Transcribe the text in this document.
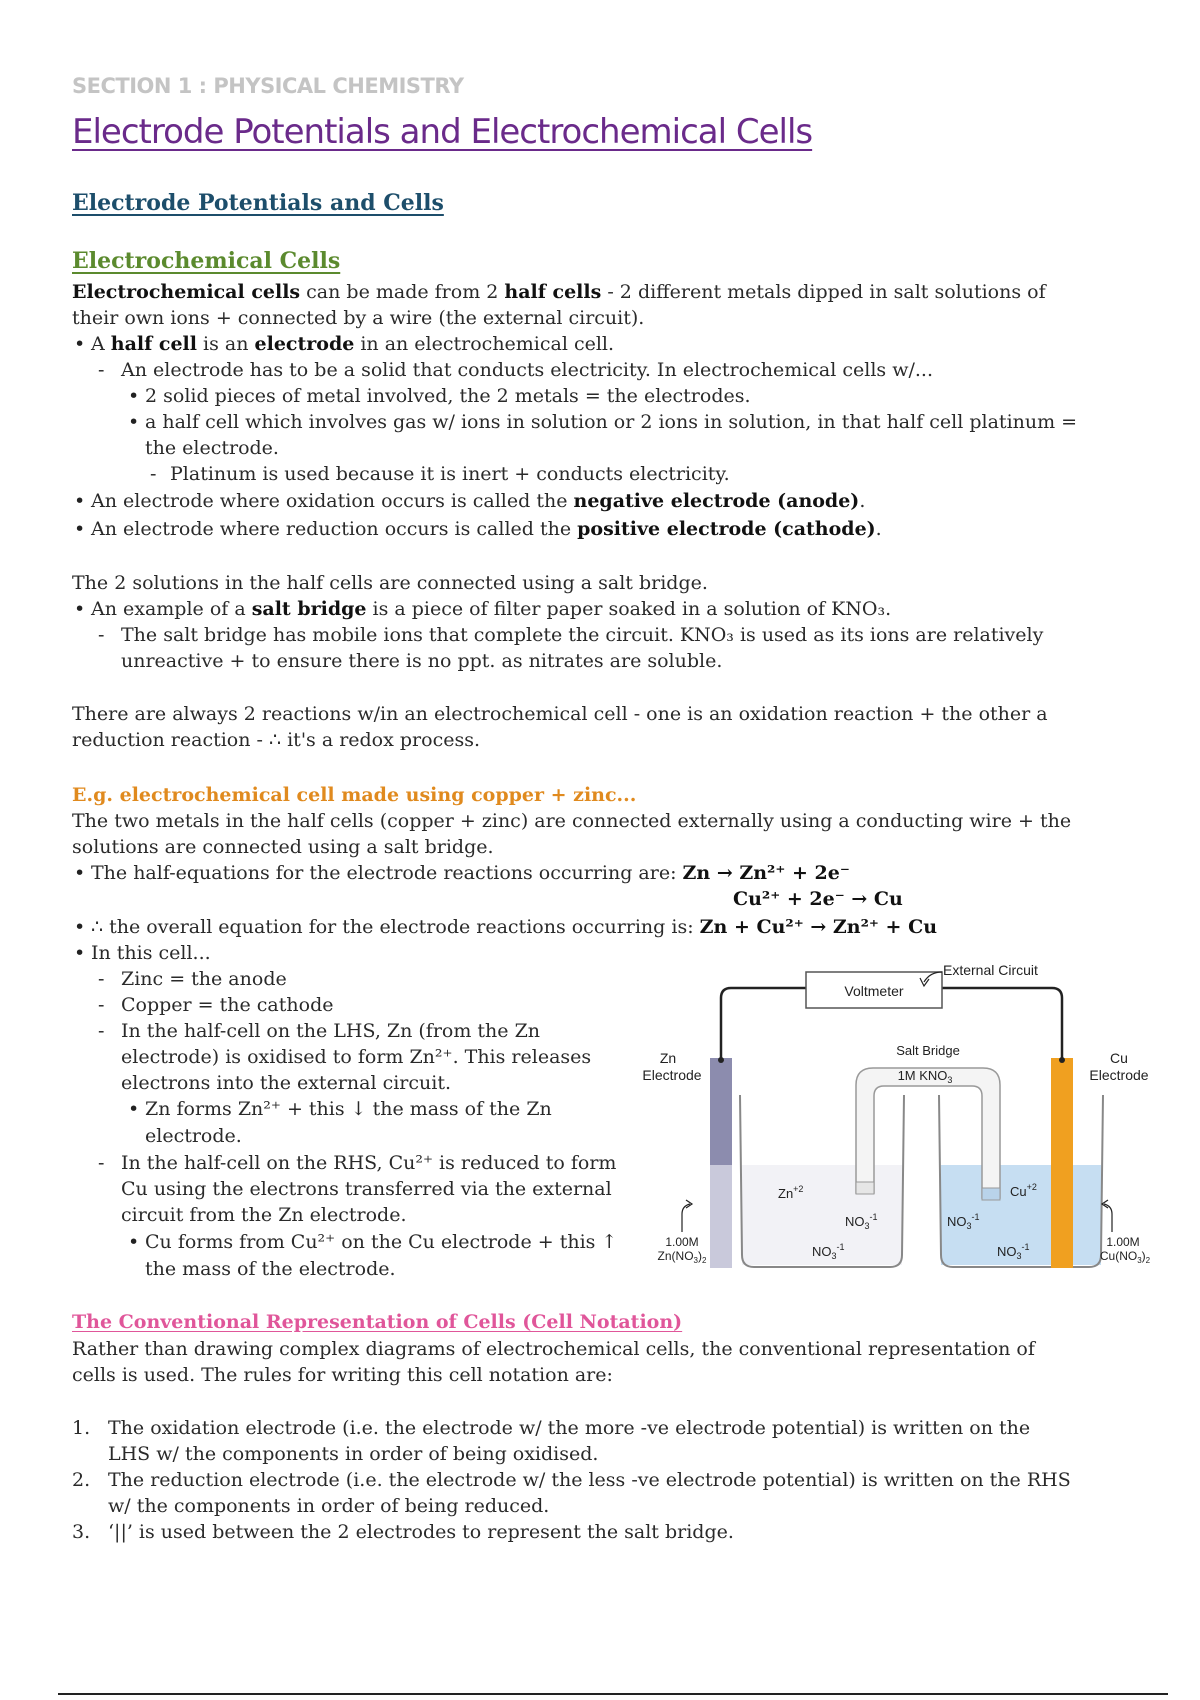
SECTION 1 : PHYSICAL CHEMISTRY
Electrode Potentials and Electrochemical Cells
Electrode Potentials and Cells
Electrochemical Cells
Electrochemical cells can be made from 2 half cells - 2 different metals dipped in salt solutions of
their own ions + connected by a wire (the external circuit).
• A half cell is an electrode in an electrochemical cell.
- An electrode has to be a solid that conducts electricity. In electrochemical cells w/...
• 2 solid pieces of metal involved, the 2 metals = the electrodes.
• a half cell which involves gas w/ ions in solution or 2 ions in solution, in that half cell platinum =
the electrode.
- Platinum is used because it is inert + conducts electricity.
• An electrode where oxidation occurs is called the negative electrode (anode).
• An electrode where reduction occurs is called the positive electrode (cathode).
The 2 solutions in the half cells are connected using a salt bridge.
• An example of a salt bridge is a piece of filter paper soaked in a solution of KNO₃.
- The salt bridge has mobile ions that complete the circuit. KNO₃ is used as its ions are relatively
unreactive + to ensure there is no ppt. as nitrates are soluble.
There are always 2 reactions w/in an electrochemical cell - one is an oxidation reaction + the other a
reduction reaction - ∴ it's a redox process.
E.g. electrochemical cell made using copper + zinc...
The two metals in the half cells (copper + zinc) are connected externally using a conducting wire + the
solutions are connected using a salt bridge.
• The half-equations for the electrode reactions occurring are: Zn → Zn²⁺ + 2e⁻
Cu²⁺ + 2e⁻ → Cu
• ∴ the overall equation for the electrode reactions occurring is: Zn + Cu²⁺ → Zn²⁺ + Cu
• In this cell...
- Zinc = the anode
- Copper = the cathode
- In the half-cell on the LHS, Zn (from the Zn
electrode) is oxidised to form Zn²⁺. This releases
electrons into the external circuit.
• Zn forms Zn²⁺ + this ↓ the mass of the Zn
electrode.
- In the half-cell on the RHS, Cu²⁺ is reduced to form
Cu using the electrons transferred via the external
circuit from the Zn electrode.
• Cu forms from Cu²⁺ on the Cu electrode + this ↑
the mass of the electrode.
Voltmeter
External Circuit
Salt Bridge
1M $KNO_3$
Zn
Electrode
Cu
Electrode
$Zn^{+2}$	$Cu^{+2}$
$NO_3^{-1}$
$NO_3^{-1}$
$NO_3^{-1}$
$NO_3^{-1}$
1.00M
$Zn(NO_3)_2$
1.00M
$Cu(NO_3)_2$
The Conventional Representation of Cells (Cell Notation)
Rather than drawing complex diagrams of electrochemical cells, the conventional representation of
cells is used. The rules for writing this cell notation are:
1. The oxidation electrode (i.e. the electrode w/ the more -ve electrode potential) is written on the
LHS w/ the components in order of being oxidised.
2. The reduction electrode (i.e. the electrode w/ the less -ve electrode potential) is written on the RHS
w/ the components in order of being reduced.
3. ‘||’ is used between the 2 electrodes to represent the salt bridge.
